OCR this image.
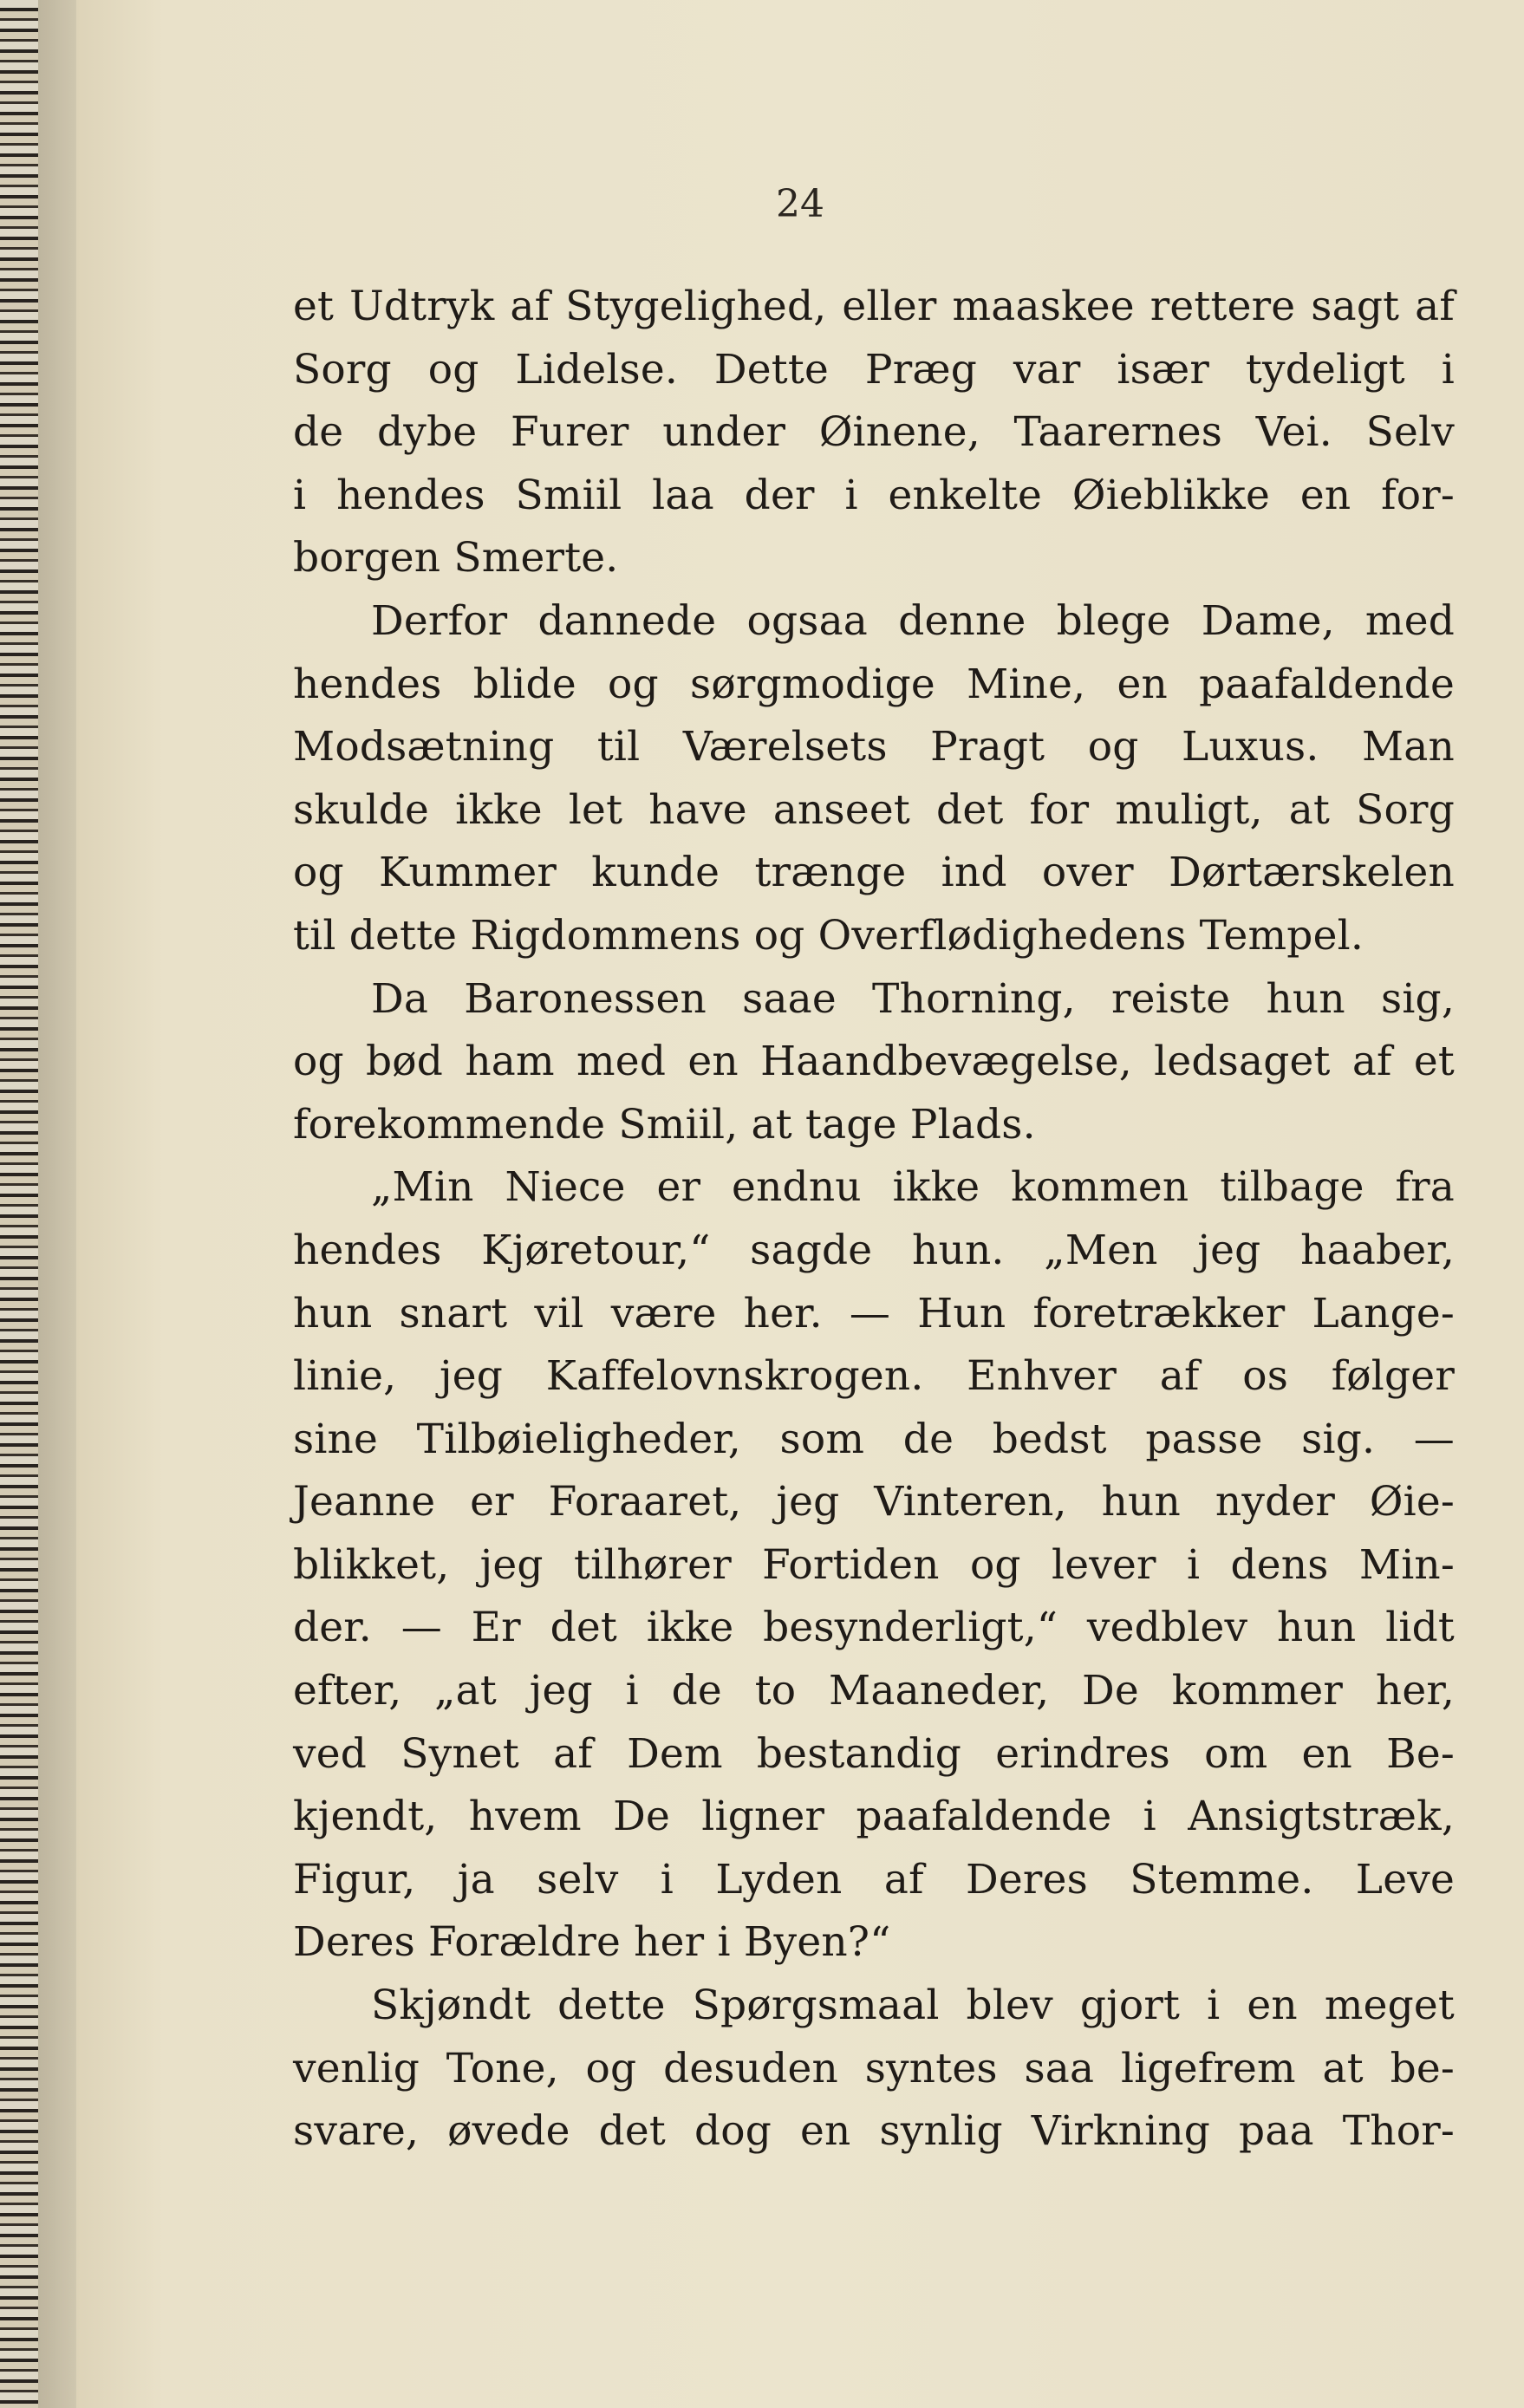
24
et Udtryk af Stygelighed, eller maaskee rettere sagt af
Sorg og Lidelse. Dette Præg var især tydeligt i
de dybe Furer under Øinene, Taarernes Vei. Selv
i hendes Smiil laa der i enkelte Øieblikke en for-
borgen Smerte.
Derfor dannede ogsaa denne blege Dame, med
hendes blide og sørgmodige Mine, en paafaldende
Modsætning til Værelsets Pragt og Luxus. Man
skulde ikke let have anseet det for muligt, at Sorg
og Kummer kunde trænge ind over Dørtærskelen
til dette Rigdommens og Overflødighedens Tempel.
Da Baronessen saae Thorning, reiste hun sig,
og bød ham med en Haandbevægelse, ledsaget af et
forekommende Smiil, at tage Plads.
„Min Niece er endnu ikke kommen tilbage fra
hendes Kjøretour,“ sagde hun. „Men jeg haaber,
hun snart vil være her. — Hun foretrækker Lange-
linie, jeg Kaffelovnskrogen. Enhver af os følger
sine Tilbøieligheder, som de bedst passe sig. —
Jeanne er Foraaret, jeg Vinteren, hun nyder Øie-
blikket, jeg tilhører Fortiden og lever i dens Min-
der. — Er det ikke besynderligt,“ vedblev hun lidt
efter, „at jeg i de to Maaneder, De kommer her,
ved Synet af Dem bestandig erindres om en Be-
kjendt, hvem De ligner paafaldende i Ansigtstræk,
Figur, ja selv i Lyden af Deres Stemme. Leve
Deres Forældre her i Byen?“
Skjøndt dette Spørgsmaal blev gjort i en meget
venlig Tone, og desuden syntes saa ligefrem at be-
svare, øvede det dog en synlig Virkning paa Thor-
